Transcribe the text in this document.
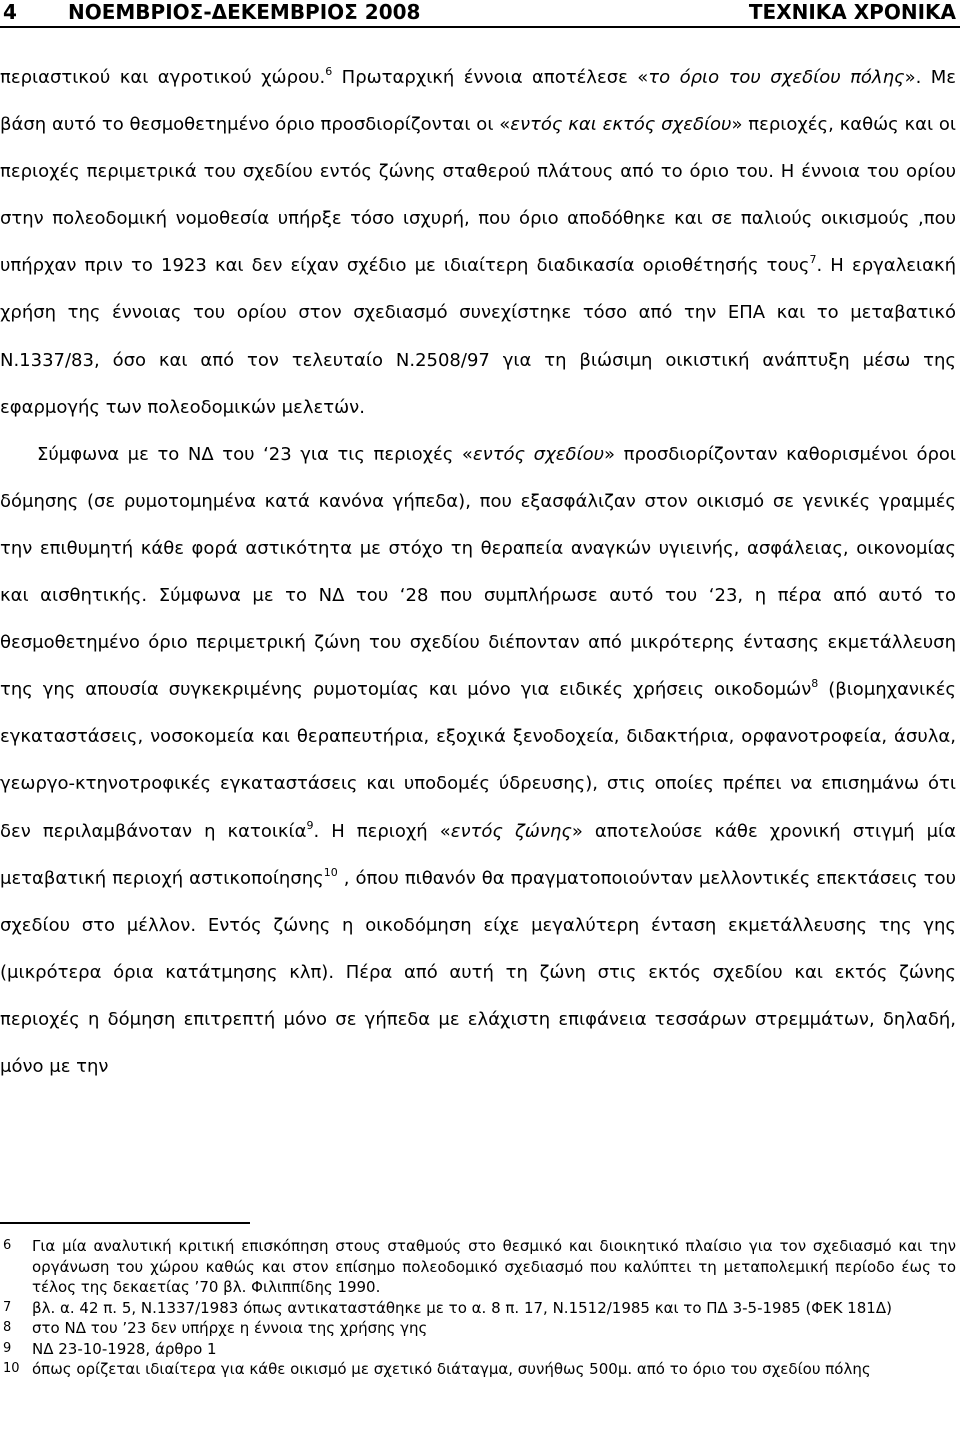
4	ΝΟΕΜΒΡΙΟΣ-ΔΕΚΕΜΒΡΙΟΣ 2008	ΤΕΧΝΙΚΑ ΧΡΟΝΙΚΑ

περιαστικού και αγροτικού χώρου.$^6$ Πρωταρχική έννοια αποτέλεσε «το όριο του σχεδίου πόλης». Με βάση αυτό το θεσμοθετημένο όριο προσδιορίζονται οι «εντός και εκτός σχεδίου» περιοχές, καθώς και οι περιοχές περιμετρικά του σχεδίου εντός ζώνης σταθερού πλάτους από το όριο του. Η έννοια του ορίου στην πολεοδομική νομοθεσία υπήρξε τόσο ισχυρή, που όριο αποδόθηκε και σε παλιούς οικισμούς ,που υπήρχαν πριν το 1923 και δεν είχαν σχέδιο με ιδιαίτερη διαδικασία οριοθέτησής τους$^7$. Η εργαλειακή χρήση της έννοιας του ορίου στον σχεδιασμό συνεχίστηκε τόσο από την ΕΠΑ και το μεταβατικό Ν.1337/83, όσο και από τον τελευταίο Ν.2508/97 για τη βιώσιμη οικιστική ανάπτυξη μέσω της εφαρμογής των πολεοδομικών μελετών.

Σύμφωνα με το ΝΔ του ‘23 για τις περιοχές «εντός σχεδίου» προσδιορίζονταν καθορισμένοι όροι δόμησης (σε ρυμοτομημένα κατά κανόνα γήπεδα), που εξασφάλιζαν στον οικισμό σε γενικές γραμμές την επιθυμητή κάθε φορά αστικότητα με στόχο τη θεραπεία αναγκών υγιεινής, ασφάλειας, οικονομίας και αισθητικής. Σύμφωνα με το ΝΔ του ‘28 που συμπλήρωσε αυτό του ‘23, η πέρα από αυτό το θεσμοθετημένο όριο περιμετρική ζώνη του σχεδίου διέπονταν από μικρότερης έντασης εκμετάλλευση της γης απουσία συγκεκριμένης ρυμοτομίας και μόνο για ειδικές χρήσεις οικοδομών$^8$ (βιομηχανικές εγκαταστάσεις, νοσοκομεία και θεραπευτήρια, εξοχικά ξενοδοχεία, διδακτήρια, ορφανοτροφεία, άσυλα, γεωργο-κτηνοτροφικές εγκαταστάσεις και υποδομές ύδρευσης), στις οποίες πρέπει να επισημάνω ότι δεν περιλαμβάνοταν η κατοικία$^9$. Η περιοχή «εντός ζώνης» αποτελούσε κάθε χρονική στιγμή μία μεταβατική περιοχή αστικοποίησης$^{10}$ , όπου πιθανόν θα πραγματοποιούνταν μελλοντικές επεκτάσεις του σχεδίου στο μέλλον. Εντός ζώνης η οικοδόμηση είχε μεγαλύτερη ένταση εκμετάλλευσης της γης (μικρότερα όρια κατάτμησης κλπ). Πέρα από αυτή τη ζώνη στις εκτός σχεδίου και εκτός ζώνης περιοχές η δόμηση επιτρεπτή μόνο σε γήπεδα με ελάχιστη επιφάνεια τεσσάρων στρεμμάτων, δηλαδή, μόνο με την

6 Για μία αναλυτική κριτική επισκόπηση στους σταθμούς στο θεσμικό και διοικητικό πλαίσιο για τον σχεδιασμό και την οργάνωση του χώρου καθώς και στον επίσημο πολεοδομικό σχεδιασμό που καλύπτει τη μεταπολεμική περίοδο έως το τέλος της δεκαετίας ’70 βλ. Φιλιππίδης 1990.
7 βλ. α. 42 π. 5, Ν.1337/1983 όπως αντικαταστάθηκε με το α. 8 π. 17, Ν.1512/1985 και το ΠΔ 3-5-1985 (ΦΕΚ 181Δ)
8 στο ΝΔ του ’23 δεν υπήρχε η έννοια της χρήσης γης
9 ΝΔ 23-10-1928, άρθρο 1
10 όπως ορίζεται ιδιαίτερα για κάθε οικισμό με σχετικό διάταγμα, συνήθως 500μ. από το όριο του σχεδίου πόλης
